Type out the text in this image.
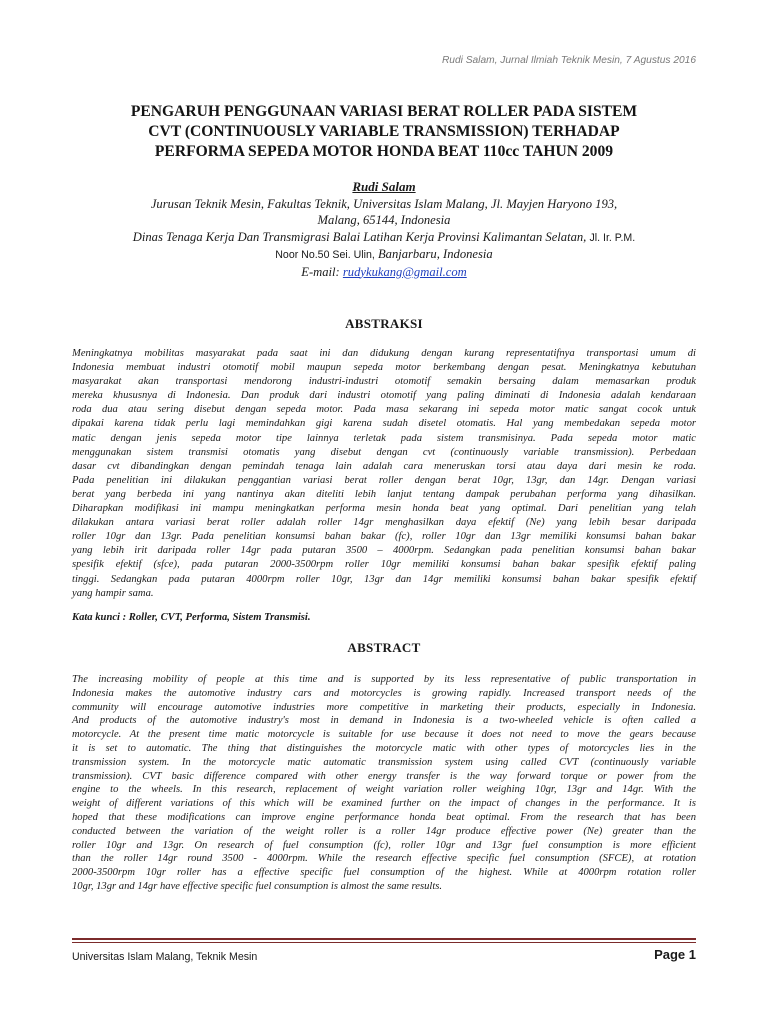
Rudi Salam, Jurnal Ilmiah Teknik Mesin, 7 Agustus 2016
PENGARUH PENGGUNAAN VARIASI BERAT ROLLER PADA SISTEM
CVT (CONTINUOUSLY VARIABLE TRANSMISSION) TERHADAP
PERFORMA SEPEDA MOTOR HONDA BEAT 110cc TAHUN 2009
Rudi Salam
Jurusan Teknik Mesin, Fakultas Teknik, Universitas Islam Malang, Jl. Mayjen Haryono 193,
Malang, 65144, Indonesia
Dinas Tenaga Kerja Dan Transmigrasi Balai Latihan Kerja Provinsi Kalimantan Selatan, Jl. Ir. P.M.
Noor No.50 Sei. Ulin, Banjarbaru, Indonesia
E-mail: rudykukang@gmail.com
ABSTRAKSI
Meningkatnya mobilitas masyarakat pada saat ini dan didukung dengan kurang representatifnya transportasi umum di
Indonesia membuat industri otomotif mobil maupun sepeda motor berkembang dengan pesat. Meningkatnya kebutuhan
masyarakat akan transportasi mendorong industri-industri otomotif semakin bersaing dalam memasarkan produk
mereka khususnya di Indonesia. Dan produk dari industri otomotif yang paling diminati di Indonesia adalah kendaraan
roda dua atau sering disebut dengan sepeda motor. Pada masa sekarang ini sepeda motor matic sangat cocok untuk
dipakai karena tidak perlu lagi memindahkan gigi karena sudah disetel otomatis. Hal yang membedakan sepeda motor
matic dengan jenis sepeda motor tipe lainnya terletak pada sistem transmisinya. Pada sepeda motor matic
menggunakan sistem transmisi otomatis yang disebut dengan cvt (continuously variable transmission). Perbedaan
dasar cvt dibandingkan dengan pemindah tenaga lain adalah cara meneruskan torsi atau daya dari mesin ke roda.
Pada penelitian ini dilakukan penggantian variasi berat roller dengan berat 10gr, 13gr, dan 14gr. Dengan variasi
berat yang berbeda ini yang nantinya akan diteliti lebih lanjut tentang dampak perubahan performa yang dihasilkan.
Diharapkan modifikasi ini mampu meningkatkan performa mesin honda beat yang optimal. Dari penelitian yang telah
dilakukan antara variasi berat roller adalah roller 14gr menghasilkan daya efektif (Ne) yang lebih besar daripada
roller 10gr dan 13gr. Pada penelitian konsumsi bahan bakar (fc), roller 10gr dan 13gr memiliki konsumsi bahan bakar
yang lebih irit daripada roller 14gr pada putaran 3500 – 4000rpm. Sedangkan pada penelitian konsumsi bahan bakar
spesifik efektif (sfce), pada putaran 2000-3500rpm roller 10gr memiliki konsumsi bahan bakar spesifik efektif paling
tinggi. Sedangkan pada putaran 4000rpm roller 10gr, 13gr dan 14gr memiliki konsumsi bahan bakar spesifik efektif
yang hampir sama.
Kata kunci : Roller, CVT, Performa, Sistem Transmisi.
ABSTRACT
The increasing mobility of people at this time and is supported by its less representative of public transportation in
Indonesia makes the automotive industry cars and motorcycles is growing rapidly. Increased transport needs of the
community will encourage automotive industries more competitive in marketing their products, especially in Indonesia.
And products of the automotive industry's most in demand in Indonesia is a two-wheeled vehicle is often called a
motorcycle. At the present time matic motorcycle is suitable for use because it does not need to move the gears because
it is set to automatic. The thing that distinguishes the motorcycle matic with other types of motorcycles lies in the
transmission system. In the motorcycle matic automatic transmission system using called CVT (continuously variable
transmission). CVT basic difference compared with other energy transfer is the way forward torque or power from the
engine to the wheels. In this research, replacement of weight variation roller weighing 10gr, 13gr and 14gr. With the
weight of different variations of this which will be examined further on the impact of changes in the performance. It is
hoped that these modifications can improve engine performance honda beat optimal. From the research that has been
conducted between the variation of the weight roller is a roller 14gr produce effective power (Ne) greater than the
roller 10gr and 13gr. On research of fuel consumption (fc), roller 10gr and 13gr fuel consumption is more efficient
than the roller 14gr round 3500 - 4000rpm. While the research effective specific fuel consumption (SFCE), at rotation
2000-3500rpm 10gr roller has a effective specific fuel consumption of the highest. While at 4000rpm rotation roller
10gr, 13gr and 14gr have effective specific fuel consumption is almost the same results.
Universitas Islam Malang, Teknik Mesin	Page 1
